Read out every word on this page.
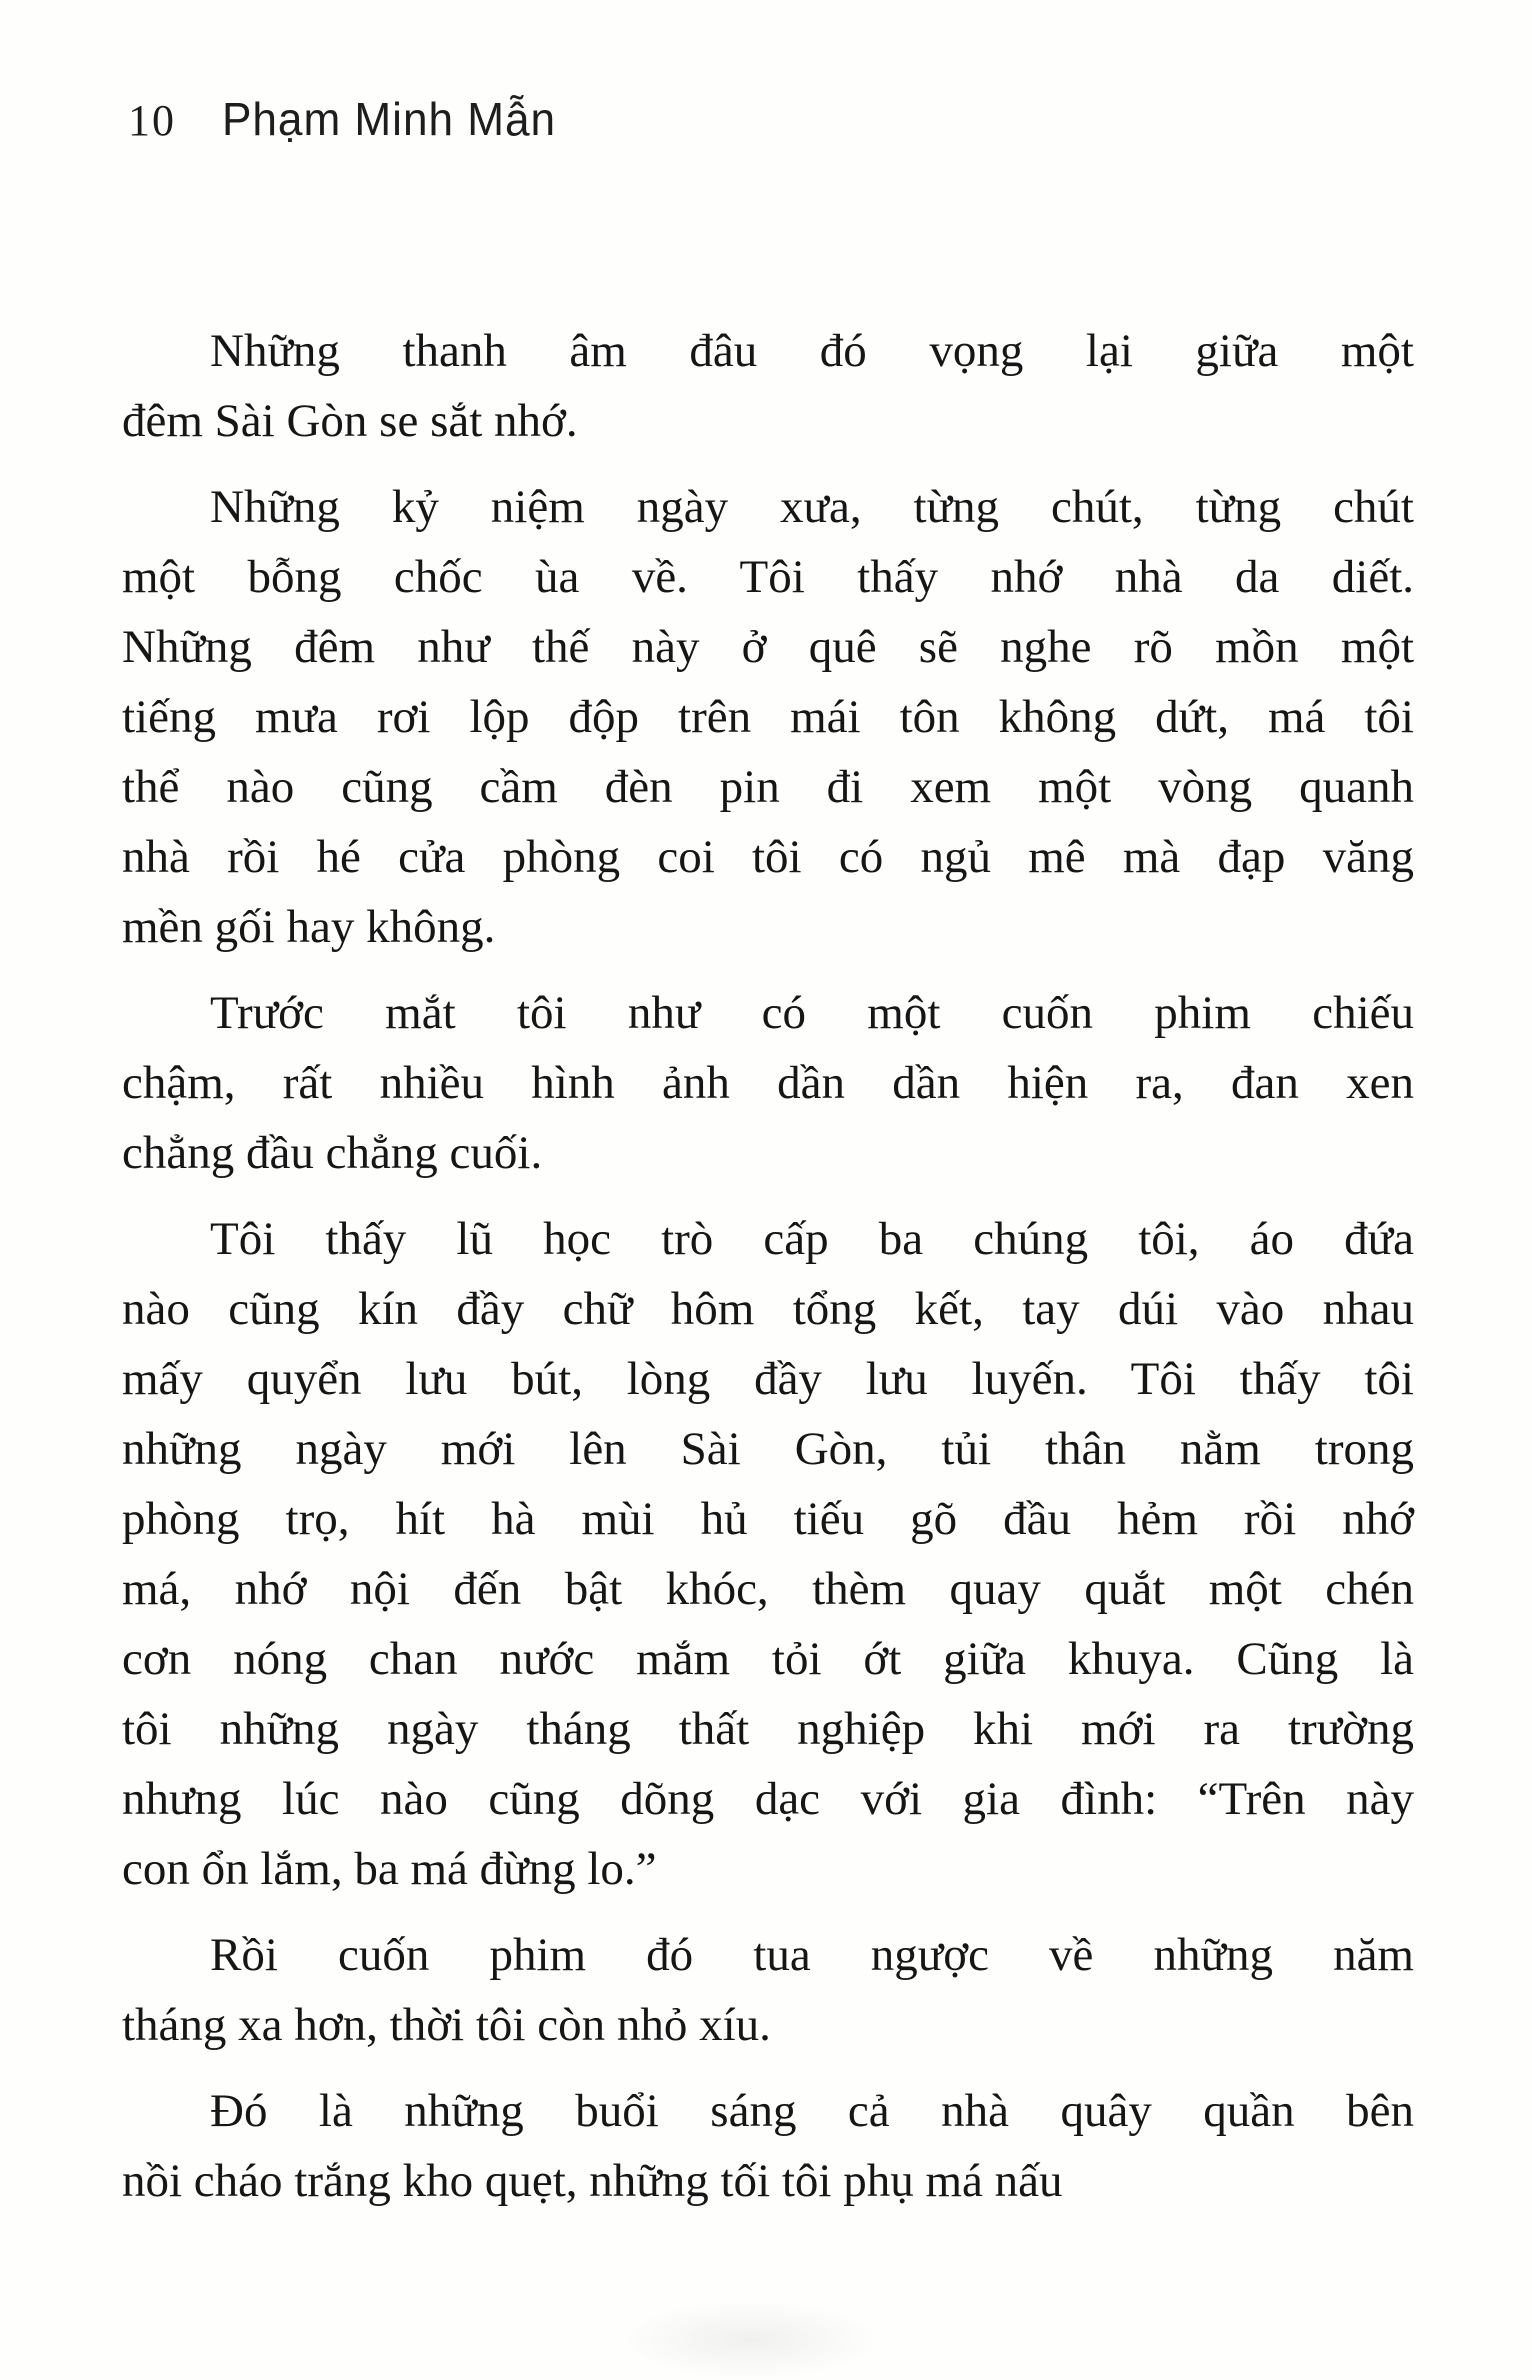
10 Phạm Minh Mẫn
Những thanh âm đâu đó vọng lại giữa một
đêm Sài Gòn se sắt nhớ.
Những kỷ niệm ngày xưa, từng chút, từng chút
một bỗng chốc ùa về. Tôi thấy nhớ nhà da diết.
Những đêm như thế này ở quê sẽ nghe rõ mồn một
tiếng mưa rơi lộp độp trên mái tôn không dứt, má tôi
thể nào cũng cầm đèn pin đi xem một vòng quanh
nhà rồi hé cửa phòng coi tôi có ngủ mê mà đạp văng
mền gối hay không.
Trước mắt tôi như có một cuốn phim chiếu
chậm, rất nhiều hình ảnh dần dần hiện ra, đan xen
chẳng đầu chẳng cuối.
Tôi thấy lũ học trò cấp ba chúng tôi, áo đứa
nào cũng kín đầy chữ hôm tổng kết, tay dúi vào nhau
mấy quyển lưu bút, lòng đầy lưu luyến. Tôi thấy tôi
những ngày mới lên Sài Gòn, tủi thân nằm trong
phòng trọ, hít hà mùi hủ tiếu gõ đầu hẻm rồi nhớ
má, nhớ nội đến bật khóc, thèm quay quắt một chén
cơn nóng chan nước mắm tỏi ớt giữa khuya. Cũng là
tôi những ngày tháng thất nghiệp khi mới ra trường
nhưng lúc nào cũng dõng dạc với gia đình: “Trên này
con ổn lắm, ba má đừng lo.”
Rồi cuốn phim đó tua ngược về những năm
tháng xa hơn, thời tôi còn nhỏ xíu.
Đó là những buổi sáng cả nhà quây quần bên
nồi cháo trắng kho quẹt, những tối tôi phụ má nấu
